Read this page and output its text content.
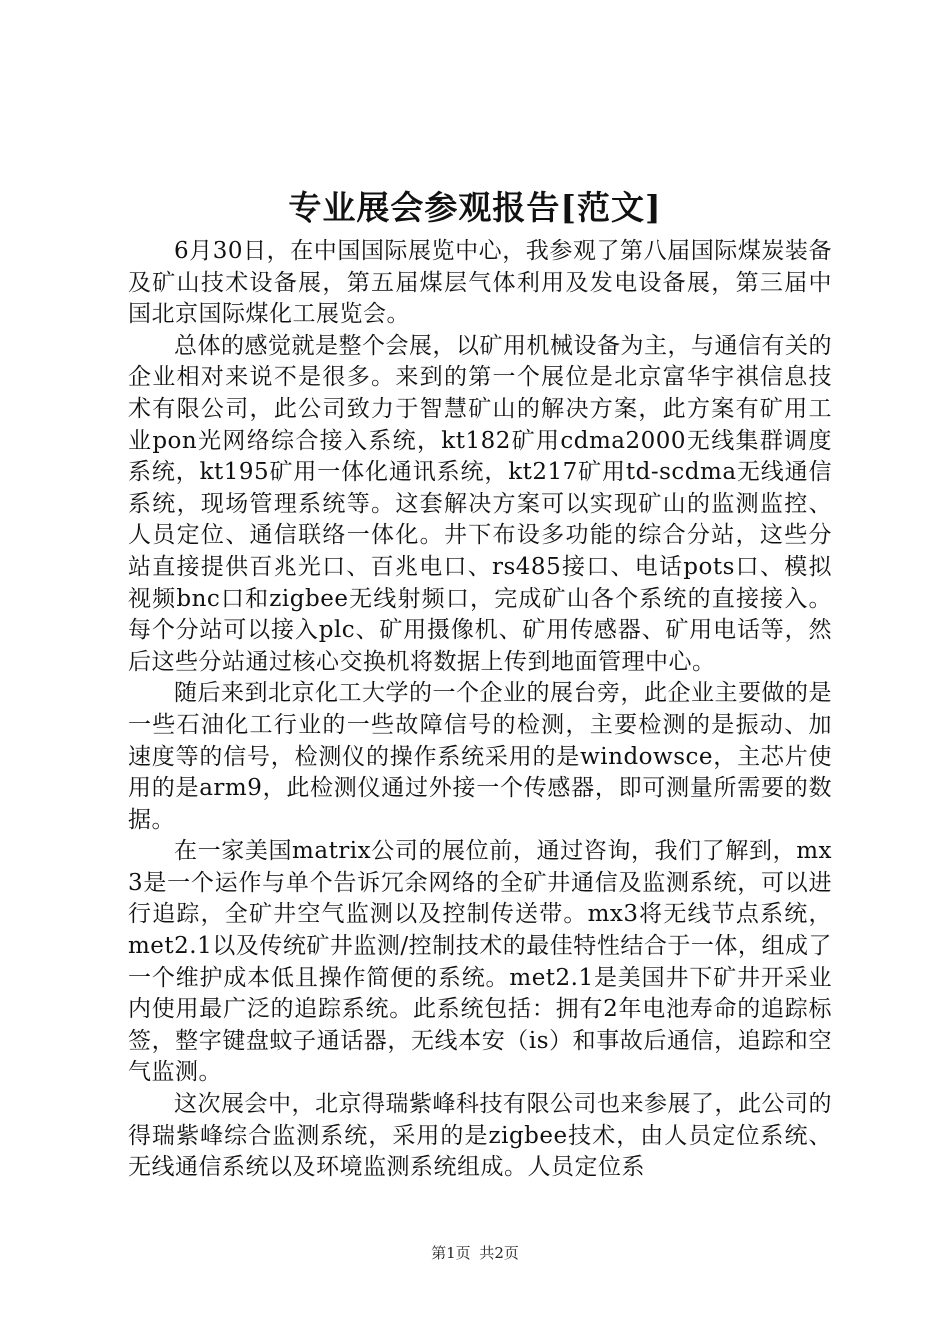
专业展会参观报告[范文]

6月30日，在中国国际展览中心，我参观了第八届国际煤炭装备及矿山技术设备展，第五届煤层气体利用及发电设备展，第三届中国北京国际煤化工展览会。

总体的感觉就是整个会展，以矿用机械设备为主，与通信有关的企业相对来说不是很多。来到的第一个展位是北京富华宇祺信息技术有限公司，此公司致力于智慧矿山的解决方案，此方案有矿用工业pon光网络综合接入系统，kt182矿用cdma2000无线集群调度系统，kt195矿用一体化通讯系统，kt217矿用td-scdma无线通信系统，现场管理系统等。这套解决方案可以实现矿山的监测监控、人员定位、通信联络一体化。井下布设多功能的综合分站，这些分站直接提供百兆光口、百兆电口、rs485接口、电话pots口、模拟视频bnc口和zigbee无线射频口，完成矿山各个系统的直接接入。每个分站可以接入plc、矿用摄像机、矿用传感器、矿用电话等，然后这些分站通过核心交换机将数据上传到地面管理中心。

随后来到北京化工大学的一个企业的展台旁，此企业主要做的是一些石油化工行业的一些故障信号的检测，主要检测的是振动、加速度等的信号，检测仪的操作系统采用的是windowsce，主芯片使用的是arm9，此检测仪通过外接一个传感器，即可测量所需要的数据。

在一家美国matrix公司的展位前，通过咨询，我们了解到，mx3是一个运作与单个告诉冗余网络的全矿井通信及监测系统，可以进行追踪，全矿井空气监测以及控制传送带。mx3将无线节点系统，met2.1以及传统矿井监测/控制技术的最佳特性结合于一体，组成了一个维护成本低且操作简便的系统。met2.1是美国井下矿井开采业内使用最广泛的追踪系统。此系统包括：拥有2年电池寿命的追踪标签，整字键盘蚊子通话器，无线本安（is）和事故后通信，追踪和空气监测。

这次展会中，北京得瑞紫峰科技有限公司也来参展了，此公司的得瑞紫峰综合监测系统，采用的是zigbee技术，由人员定位系统、无线通信系统以及环境监测系统组成。人员定位系

第1页 共2页
